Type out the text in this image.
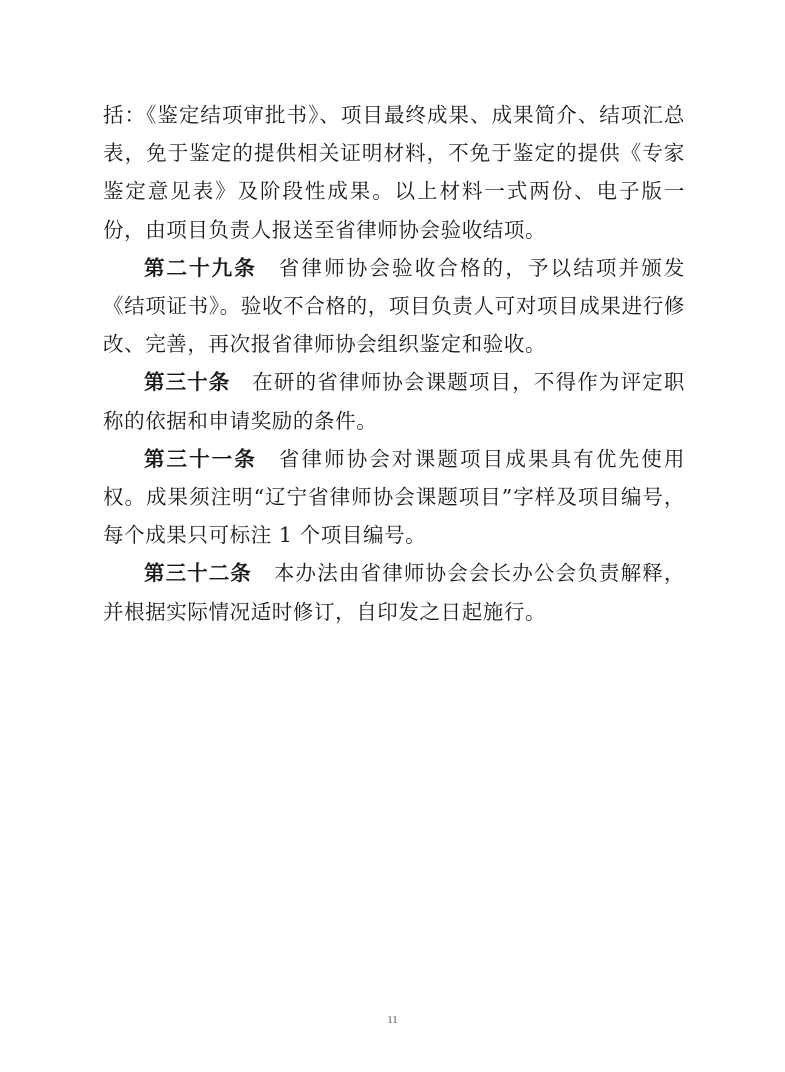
括：《鉴定结项审批书》、项目最终成果、成果简介、结项汇总表，免于鉴定的提供相关证明材料，不免于鉴定的提供《专家鉴定意见表》及阶段性成果。以上材料一式两份、电子版一份，由项目负责人报送至省律师协会验收结项。

第二十九条 省律师协会验收合格的，予以结项并颁发《结项证书》。验收不合格的，项目负责人可对项目成果进行修改、完善，再次报省律师协会组织鉴定和验收。

第三十条 在研的省律师协会课题项目，不得作为评定职称的依据和申请奖励的条件。

第三十一条 省律师协会对课题项目成果具有优先使用权。成果须注明“辽宁省律师协会课题项目”字样及项目编号，每个成果只可标注 1 个项目编号。

第三十二条 本办法由省律师协会会长办公会负责解释，并根据实际情况适时修订，自印发之日起施行。

11
